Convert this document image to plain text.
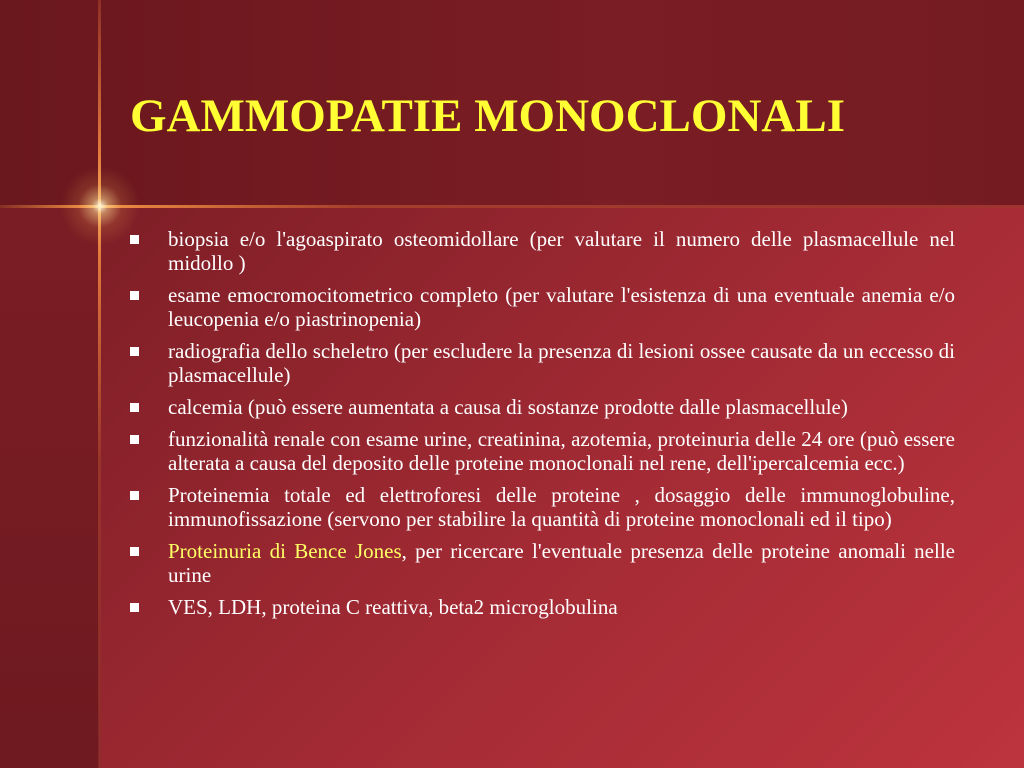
GAMMOPATIE MONOCLONALI
biopsia e/o l'agoaspirato osteomidollare (per valutare il numero delle plasmacellule nel midollo )
esame emocromocitometrico completo (per valutare l'esistenza di una eventuale anemia e/o leucopenia e/o piastrinopenia)
radiografia dello scheletro (per escludere la presenza di lesioni ossee causate da un eccesso di plasmacellule)
calcemia (può essere aumentata a causa di sostanze prodotte dalle plasmacellule)
funzionalità renale con esame urine, creatinina, azotemia, proteinuria delle 24 ore (può essere alterata a causa del deposito delle proteine monoclonali nel rene, dell'ipercalcemia ecc.)
Proteinemia totale ed elettroforesi delle proteine , dosaggio delle immunoglobuline, immunofissazione (servono per stabilire la quantità di proteine monoclonali ed il tipo)
Proteinuria di Bence Jones, per ricercare l'eventuale presenza delle proteine anomali nelle urine
VES, LDH, proteina C reattiva, beta2 microglobulina
